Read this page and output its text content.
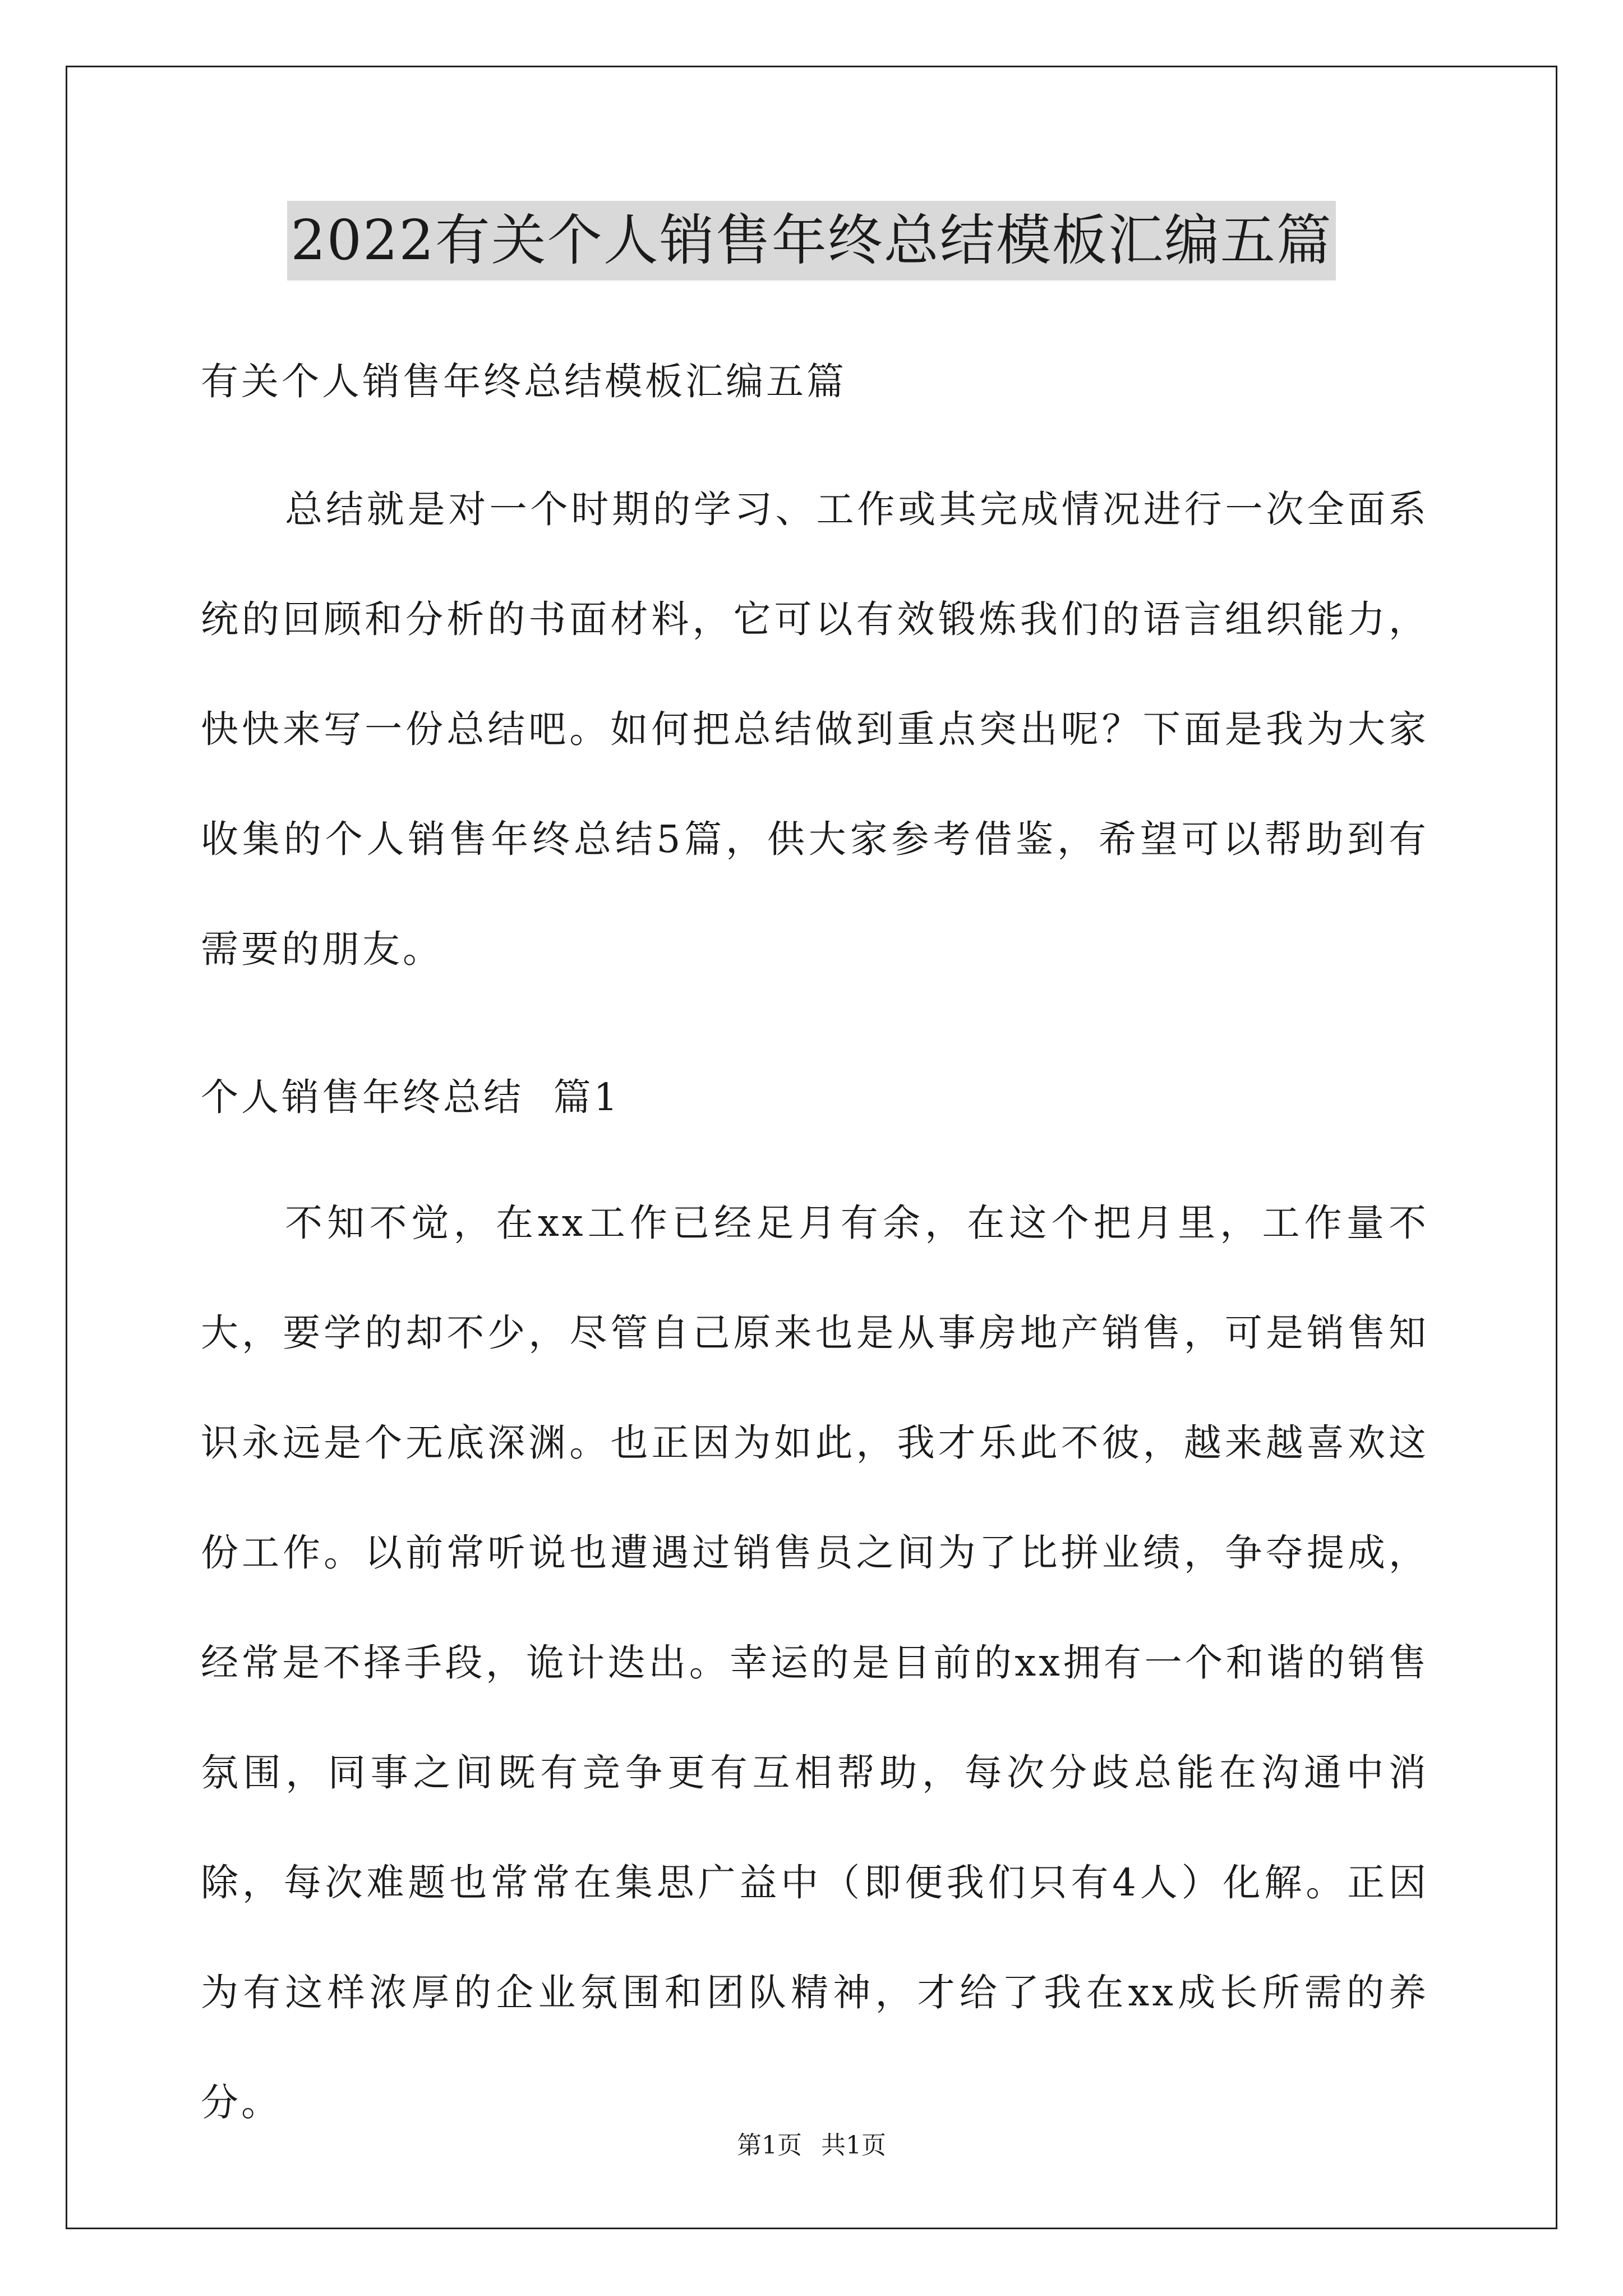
2022有关个人销售年终总结模板汇编五篇
有关个人销售年终总结模板汇编五篇

总结就是对一个时期的学习、工作或其完成情况进行一次全面系统的回顾和分析的书面材料，它可以有效锻炼我们的语言组织能力，快快来写一份总结吧。如何把总结做到重点突出呢？下面是我为大家收集的个人销售年终总结5篇，供大家参考借鉴，希望可以帮助到有需要的朋友。

个人销售年终总结  篇1

不知不觉，在xx工作已经足月有余，在这个把月里，工作量不大，要学的却不少，尽管自己原来也是从事房地产销售，可是销售知识永远是个无底深渊。也正因为如此，我才乐此不彼，越来越喜欢这份工作。以前常听说也遭遇过销售员之间为了比拼业绩，争夺提成，经常是不择手段，诡计迭出。幸运的是目前的xx拥有一个和谐的销售氛围，同事之间既有竞争更有互相帮助，每次分歧总能在沟通中消除，每次难题也常常在集思广益中（即便我们只有4人）化解。正因为有这样浓厚的企业氛围和团队精神，才给了我在xx成长所需的养分。

第1页 共1页
